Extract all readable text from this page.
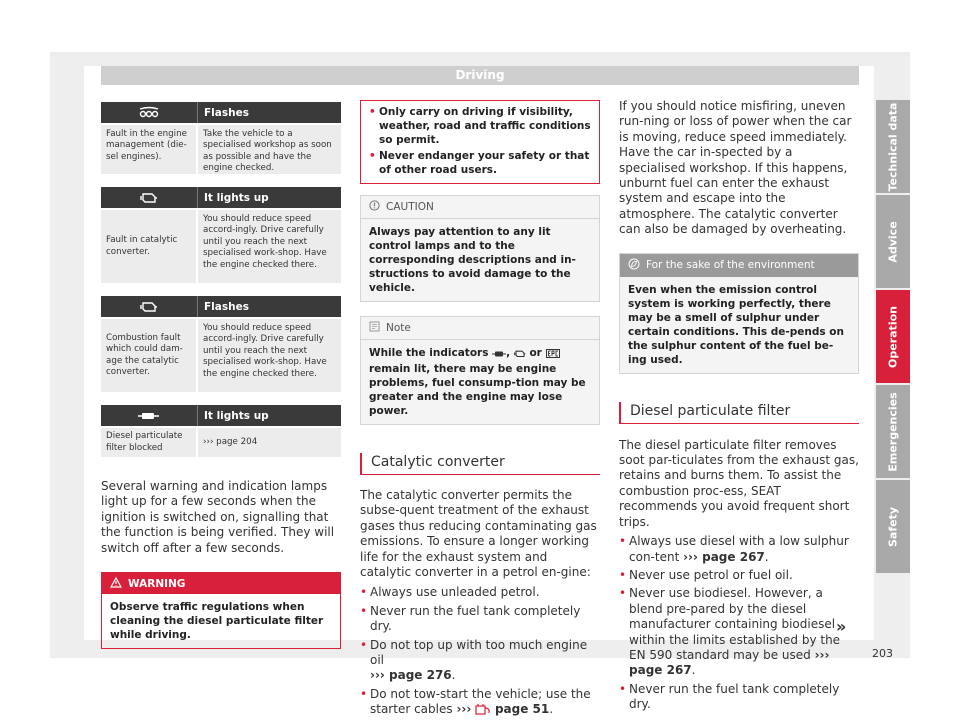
Driving
Technical data
Advice
Operation
Emergencies
Safety
203
Flashes
Fault in the engine management (die-sel engines).
Take the vehicle to a specialised workshop as soon as possible and have the engine checked.
It lights up
Fault in catalytic converter.
You should reduce speed accord-ingly. Drive carefully until you reach the next specialised work-shop. Have the engine checked there.
Flashes
Combustion fault which could dam-age the catalytic converter.
You should reduce speed accord-ingly. Drive carefully until you reach the next specialised work-shop. Have the engine checked there.
It lights up
Diesel particulate filter blocked
››› page 204

Several warning and indication lamps light up for a few seconds when the ignition is switched on, signalling that the function is being verified. They will switch off after a few seconds.

WARNING
Observe traffic regulations when cleaning the diesel particulate filter while driving.
• Only carry on driving if visibility, weather, road and traffic conditions so permit.
• Never endanger your safety or that of other road users.
CAUTION
Always pay attention to any lit control lamps and to the corresponding descriptions and in-structions to avoid damage to the vehicle.
Note
While the indicators , or  remain lit, there may be engine problems, fuel consump-tion may be greater and the engine may lose power.
Catalytic converter

The catalytic converter permits the subse-quent treatment of the exhaust gases thus reducing contaminating gas emissions. To ensure a longer working life for the exhaust system and catalytic converter in a petrol en-gine:

• Always use unleaded petrol.
• Never run the fuel tank completely dry.
• Do not top up with too much engine oil
››› page 276.
• Do not tow-start the vehicle; use the starter cables ››› page 51.

If you should notice misfiring, uneven run-ning or loss of power when the car is moving, reduce speed immediately. Have the car in-spected by a specialised workshop. If this happens, unburnt fuel can enter the exhaust system and escape into the atmosphere. The catalytic converter can also be damaged by overheating.

For the sake of the environment
Even when the emission control system is working perfectly, there may be a smell of sulphur under certain conditions. This de-pends on the sulphur content of the fuel be-ing used.
Diesel particulate filter

The diesel particulate filter removes soot par-ticulates from the exhaust gas, retains and burns them. To assist the combustion proc-ess, SEAT recommends you avoid frequent short trips.

• Always use diesel with a low sulphur con-tent ››› page 267.
• Never use petrol or fuel oil.
• Never use biodiesel. However, a blend pre-pared by the diesel manufacturer containing biodiesel within the limits established by the EN 590 standard may be used ››› page 267.
• Never run the fuel tank completely dry.
»
